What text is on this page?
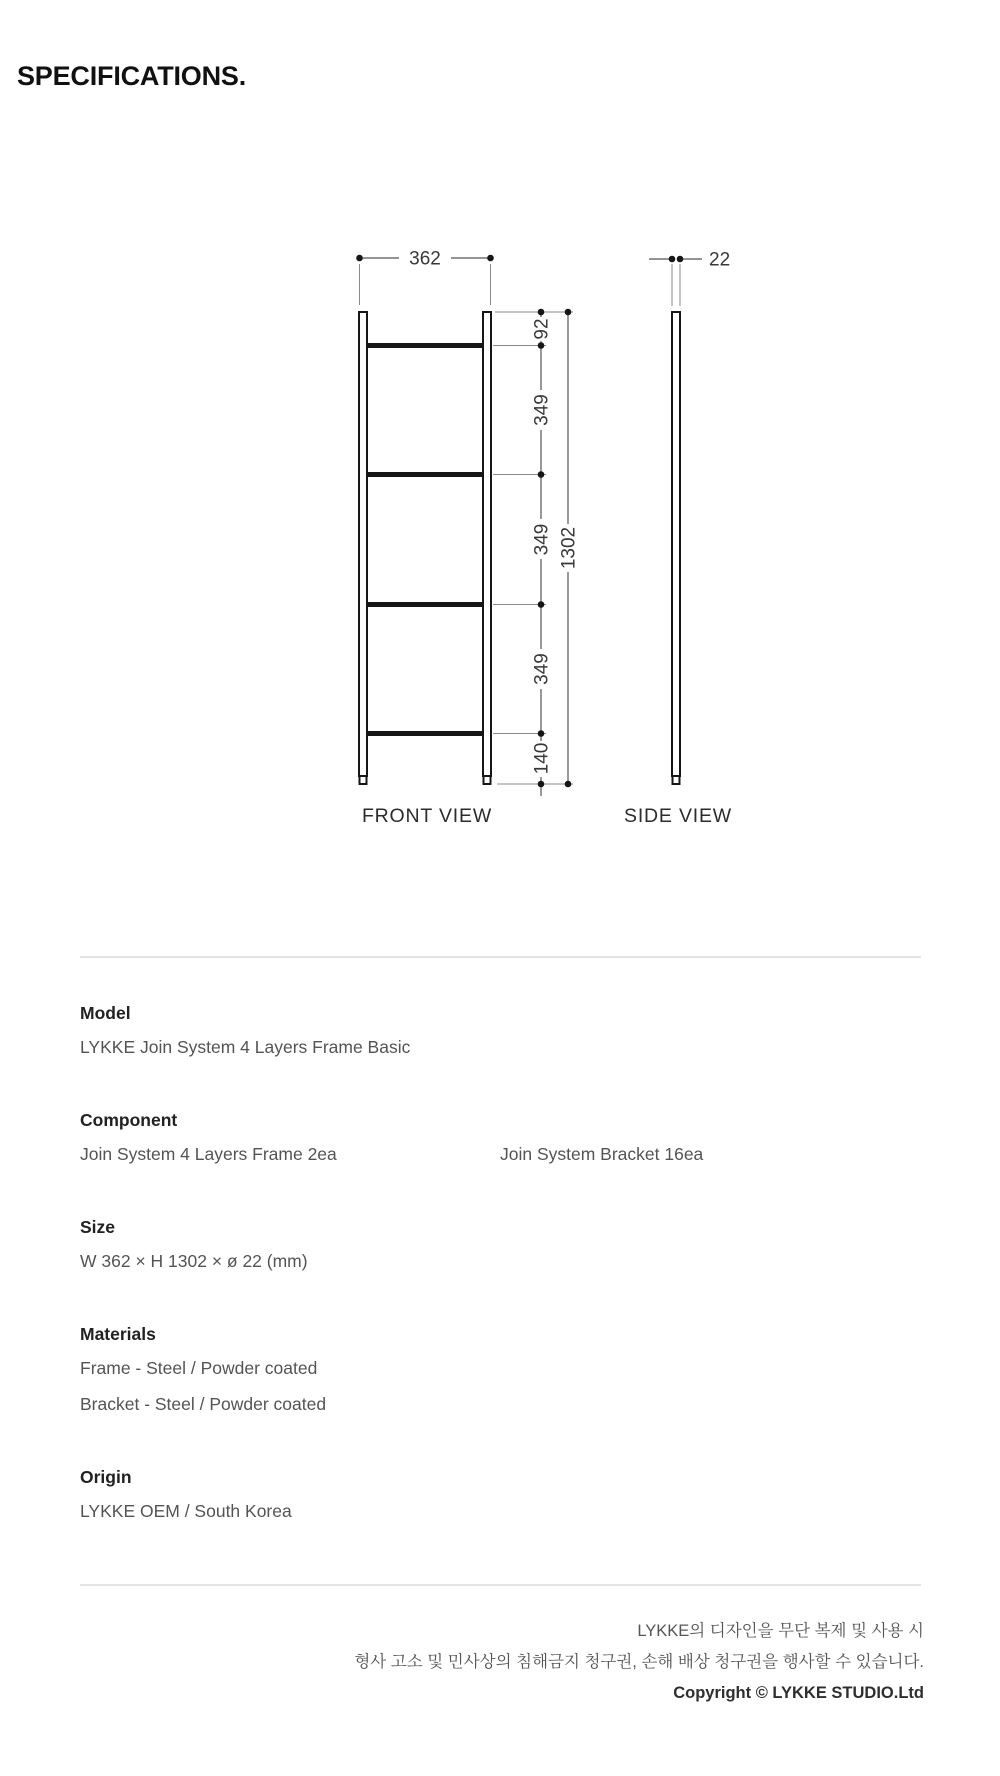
SPECIFICATIONS.
362
92
349
349
349
140
1302
FRONT VIEW
22
SIDE VIEW
Model

LYKKE Join System 4 Layers Frame Basic

Component

Join System 4 Layers Frame 2ea	Join System Bracket 16ea

Size

W 362 × H 1302 × ø 22 (mm)

Materials

Frame - Steel / Powder coated

Bracket - Steel / Powder coated

Origin

LYKKE OEM / South Korea

LYKKE의 디자인을 무단 복제 및 사용 시
형사 고소 및 민사상의 침해금지 청구권, 손해 배상 청구권을 행사할 수 있습니다.
Copyright © LYKKE STUDIO.Ltd
